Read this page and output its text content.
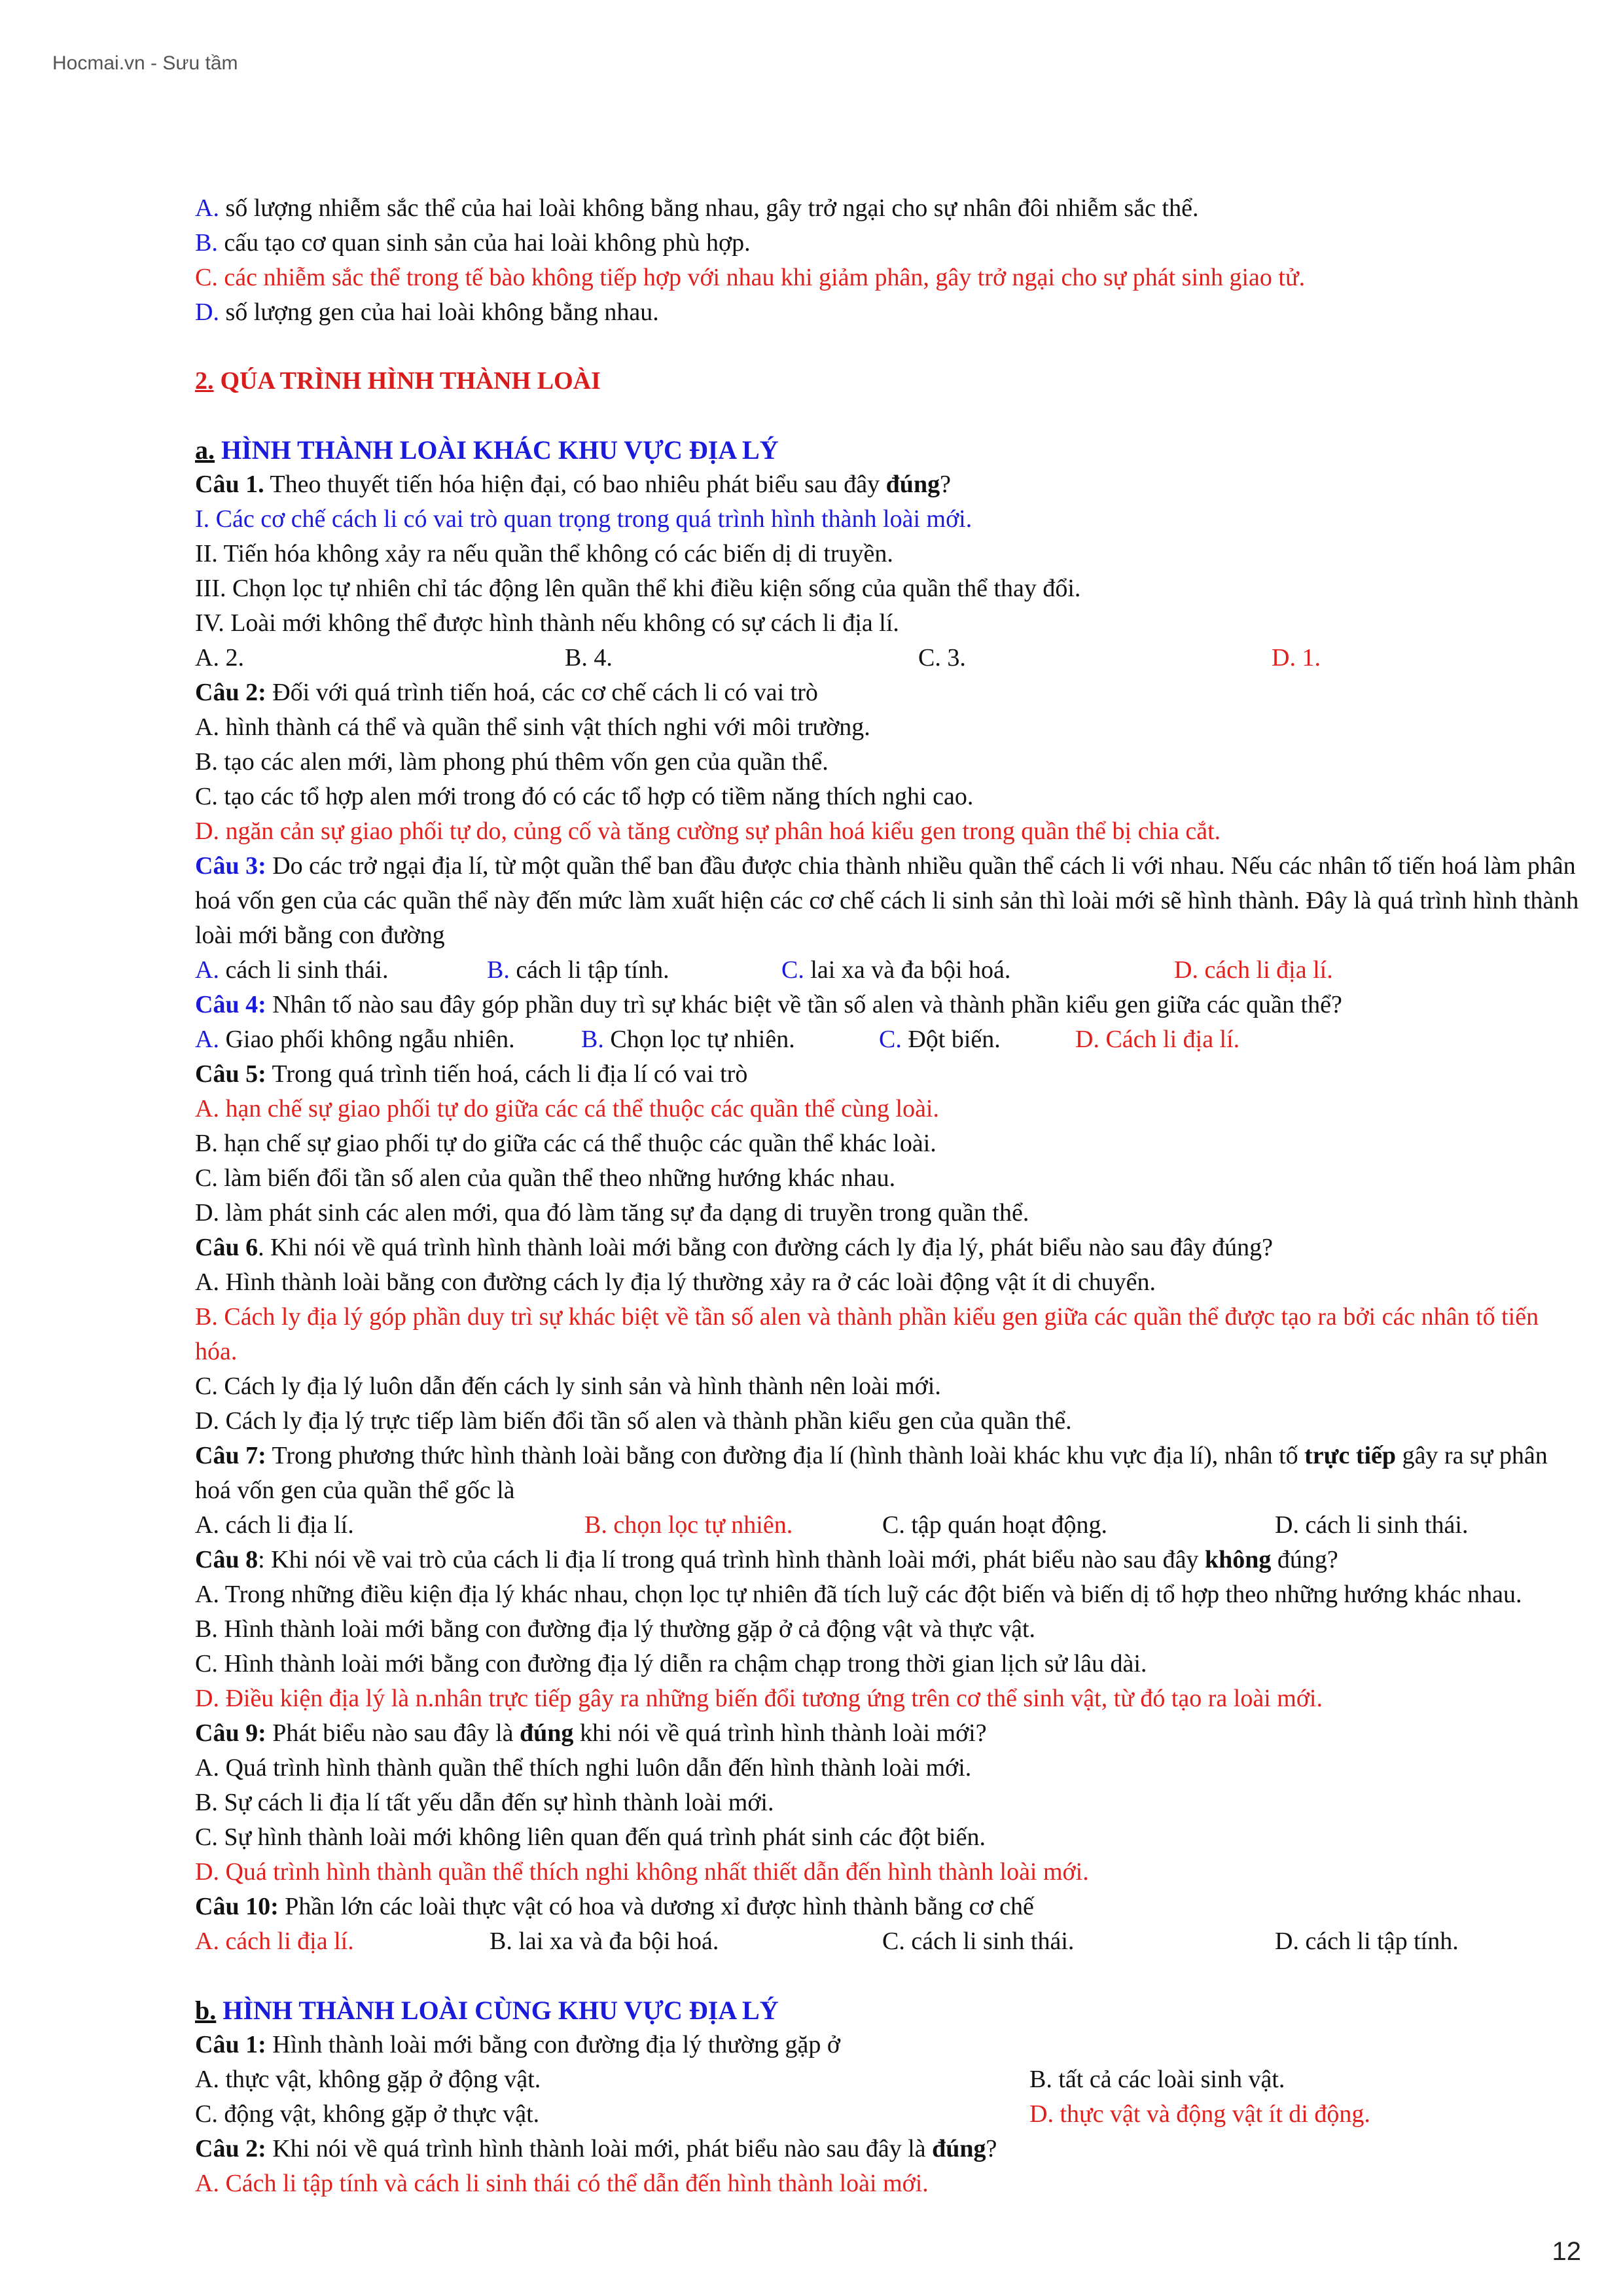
Hocmai.vn - Sưu tầm
A. số lượng nhiễm sắc thể của hai loài không bằng nhau, gây trở ngại cho sự nhân đôi nhiễm sắc thể.
B. cấu tạo cơ quan sinh sản của hai loài không phù hợp.
C. các nhiễm sắc thể trong tế bào không tiếp hợp với nhau khi giảm phân, gây trở ngại cho sự phát sinh giao tử.
D. số lượng gen của hai loài không bằng nhau.
2. QÚA TRÌNH HÌNH THÀNH LOÀI
a. HÌNH THÀNH LOÀI KHÁC KHU VỰC ĐỊA LÝ
Câu 1. Theo thuyết tiến hóa hiện đại, có bao nhiêu phát biểu sau đây đúng?
I. Các cơ chế cách li có vai trò quan trọng trong quá trình hình thành loài mới.
II. Tiến hóa không xảy ra nếu quần thể không có các biến dị di truyền.
III. Chọn lọc tự nhiên chỉ tác động lên quần thể khi điều kiện sống của quần thể thay đổi.
IV. Loài mới không thể được hình thành nếu không có sự cách li địa lí.
A. 2.	B. 4.	C. 3.	D. 1.
Câu 2: Đối với quá trình tiến hoá, các cơ chế cách li có vai trò
A. hình thành cá thể và quần thể sinh vật thích nghi với môi trường.
B. tạo các alen mới, làm phong phú thêm vốn gen của quần thể.
C. tạo các tổ hợp alen mới trong đó có các tổ hợp có tiềm năng thích nghi cao.
D. ngăn cản sự giao phối tự do, củng cố và tăng cường sự phân hoá kiểu gen trong quần thể bị chia cắt.
Câu 3: Do các trở ngại địa lí, từ một quần thể ban đầu được chia thành nhiều quần thể cách li với nhau. Nếu các nhân tố tiến hoá làm phân hoá vốn gen của các quần thể này đến mức làm xuất hiện các cơ chế cách li sinh sản thì loài mới sẽ hình thành. Đây là quá trình hình thành loài mới bằng con đường
A. cách li sinh thái.	B. cách li tập tính.	C. lai xa và đa bội hoá.	D. cách li địa lí.
Câu 4: Nhân tố nào sau đây góp phần duy trì sự khác biệt về tần số alen và thành phần kiểu gen giữa các quần thể?
A. Giao phối không ngẫu nhiên.	B. Chọn lọc tự nhiên.	C. Đột biến.	D. Cách li địa lí.
Câu 5: Trong quá trình tiến hoá, cách li địa lí có vai trò
A. hạn chế sự giao phối tự do giữa các cá thể thuộc các quần thể cùng loài.
B. hạn chế sự giao phối tự do giữa các cá thể thuộc các quần thể khác loài.
C. làm biến đổi tần số alen của quần thể theo những hướng khác nhau.
D. làm phát sinh các alen mới, qua đó làm tăng sự đa dạng di truyền trong quần thể.
Câu 6. Khi nói về quá trình hình thành loài mới bằng con đường cách ly địa lý, phát biểu nào sau đây đúng?
A. Hình thành loài bằng con đường cách ly địa lý thường xảy ra ở các loài động vật ít di chuyển.
B. Cách ly địa lý góp phần duy trì sự khác biệt về tần số alen và thành phần kiểu gen giữa các quần thể được tạo ra bởi các nhân tố tiến hóa.
C. Cách ly địa lý luôn dẫn đến cách ly sinh sản và hình thành nên loài mới.
D. Cách ly địa lý trực tiếp làm biến đổi tần số alen và thành phần kiểu gen của quần thể.
Câu 7: Trong phương thức hình thành loài bằng con đường địa lí (hình thành loài khác khu vực địa lí), nhân tố trực tiếp gây ra sự phân hoá vốn gen của quần thể gốc là
A. cách li địa lí.	B. chọn lọc tự nhiên.	C. tập quán hoạt động.	D. cách li sinh thái.
Câu 8: Khi nói về vai trò của cách li địa lí trong quá trình hình thành loài mới, phát biểu nào sau đây không đúng?
A. Trong những điều kiện địa lý khác nhau, chọn lọc tự nhiên đã tích luỹ các đột biến và biến dị tổ hợp theo những hướng khác nhau.
B. Hình thành loài mới bằng con đường địa lý thường gặp ở cả động vật và thực vật.
C. Hình thành loài mới bằng con đường địa lý diễn ra chậm chạp trong thời gian lịch sử lâu dài.
D. Điều kiện địa lý là n.nhân trực tiếp gây ra những biến đổi tương ứng trên cơ thể sinh vật, từ đó tạo ra loài mới.
Câu 9: Phát biểu nào sau đây là đúng khi nói về quá trình hình thành loài mới?
A. Quá trình hình thành quần thể thích nghi luôn dẫn đến hình thành loài mới.
B. Sự cách li địa lí tất yếu dẫn đến sự hình thành loài mới.
C. Sự hình thành loài mới không liên quan đến quá trình phát sinh các đột biến.
D. Quá trình hình thành quần thể thích nghi không nhất thiết dẫn đến hình thành loài mới.
Câu 10: Phần lớn các loài thực vật có hoa và dương xỉ được hình thành bằng cơ chế
A. cách li địa lí.	B. lai xa và đa bội hoá.	C. cách li sinh thái.	D. cách li tập tính.
b. HÌNH THÀNH LOÀI CÙNG KHU VỰC ĐỊA LÝ
Câu 1: Hình thành loài mới bằng con đường địa lý thường gặp ở
A. thực vật, không gặp ở động vật.	B. tất cả các loài sinh vật.
C. động vật, không gặp ở thực vật.	D. thực vật và động vật ít di động.
Câu 2: Khi nói về quá trình hình thành loài mới, phát biểu nào sau đây là đúng?
A. Cách li tập tính và cách li sinh thái có thể dẫn đến hình thành loài mới.
12
